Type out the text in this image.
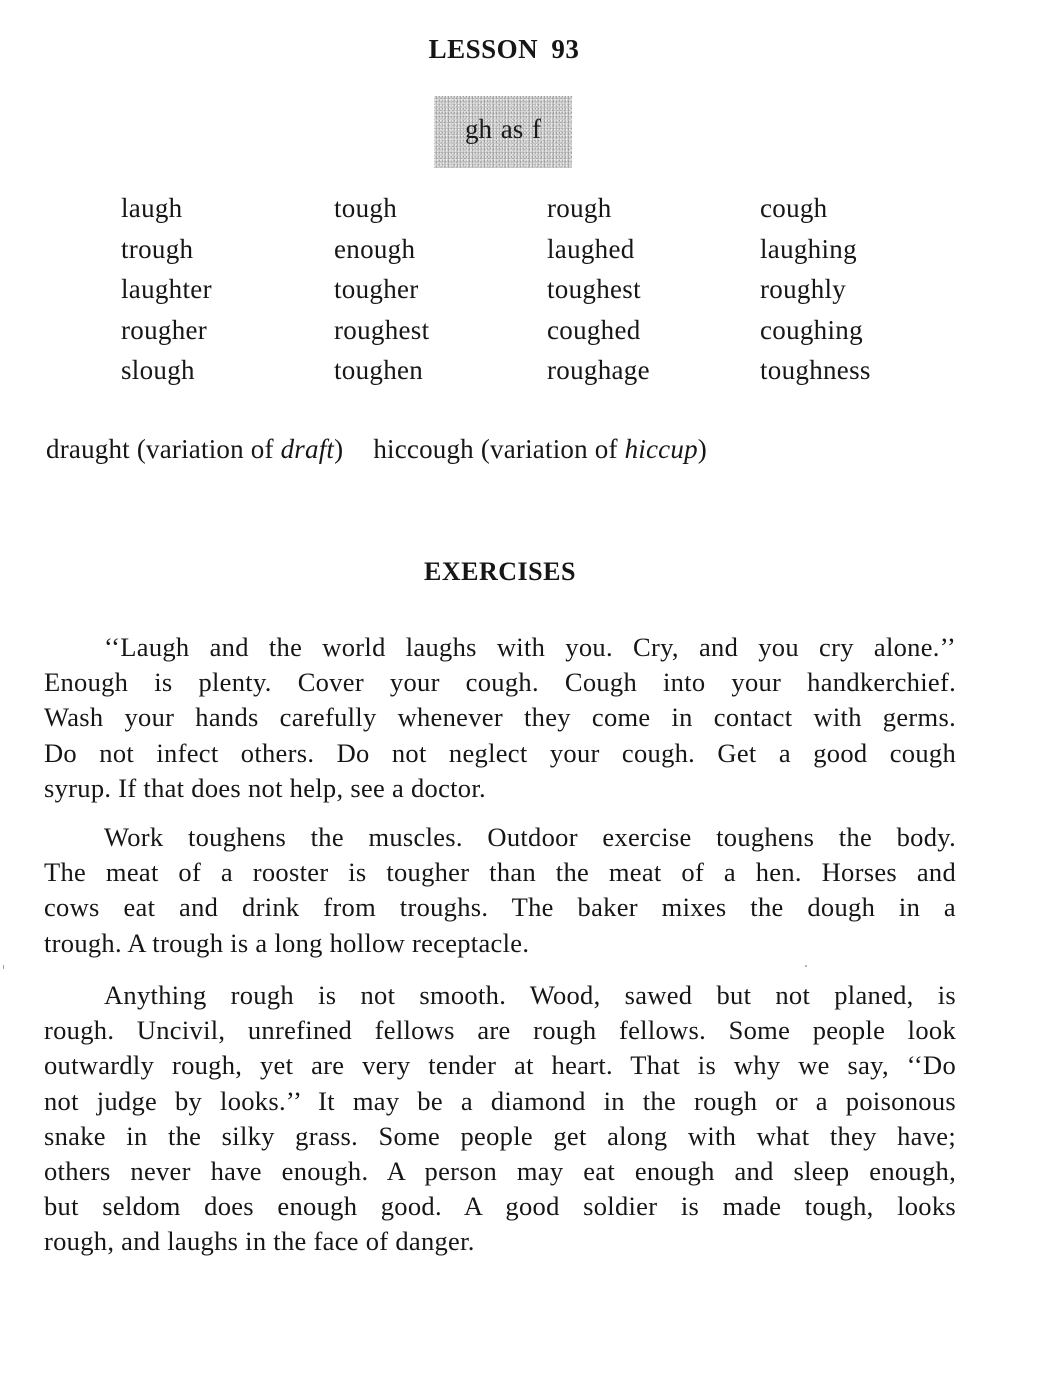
LESSON 93
gh as f
laugh	tough	rough	cough
trough	enough	laughed	laughing
laughter	tougher	toughest	roughly
rougher	roughest	coughed	coughing
slough	toughen	roughage	toughness
draught (variation of draft) hiccough (variation of hiccup)
EXERCISES
‘‘Laugh and the world laughs with you. Cry, and you cry alone.’’
Enough is plenty. Cover your cough. Cough into your handkerchief.
Wash your hands carefully whenever they come in contact with germs.
Do not infect others. Do not neglect your cough. Get a good cough
syrup. If that does not help, see a doctor.
Work toughens the muscles. Outdoor exercise toughens the body.
The meat of a rooster is tougher than the meat of a hen. Horses and
cows eat and drink from troughs. The baker mixes the dough in a
trough. A trough is a long hollow receptacle.
Anything rough is not smooth. Wood, sawed but not planed, is
rough. Uncivil, unrefined fellows are rough fellows. Some people look
outwardly rough, yet are very tender at heart. That is why we say, ‘‘Do
not judge by looks.’’ It may be a diamond in the rough or a poisonous
snake in the silky grass. Some people get along with what they have;
others never have enough. A person may eat enough and sleep enough,
but seldom does enough good. A good soldier is made tough, looks
rough, and laughs in the face of danger.
